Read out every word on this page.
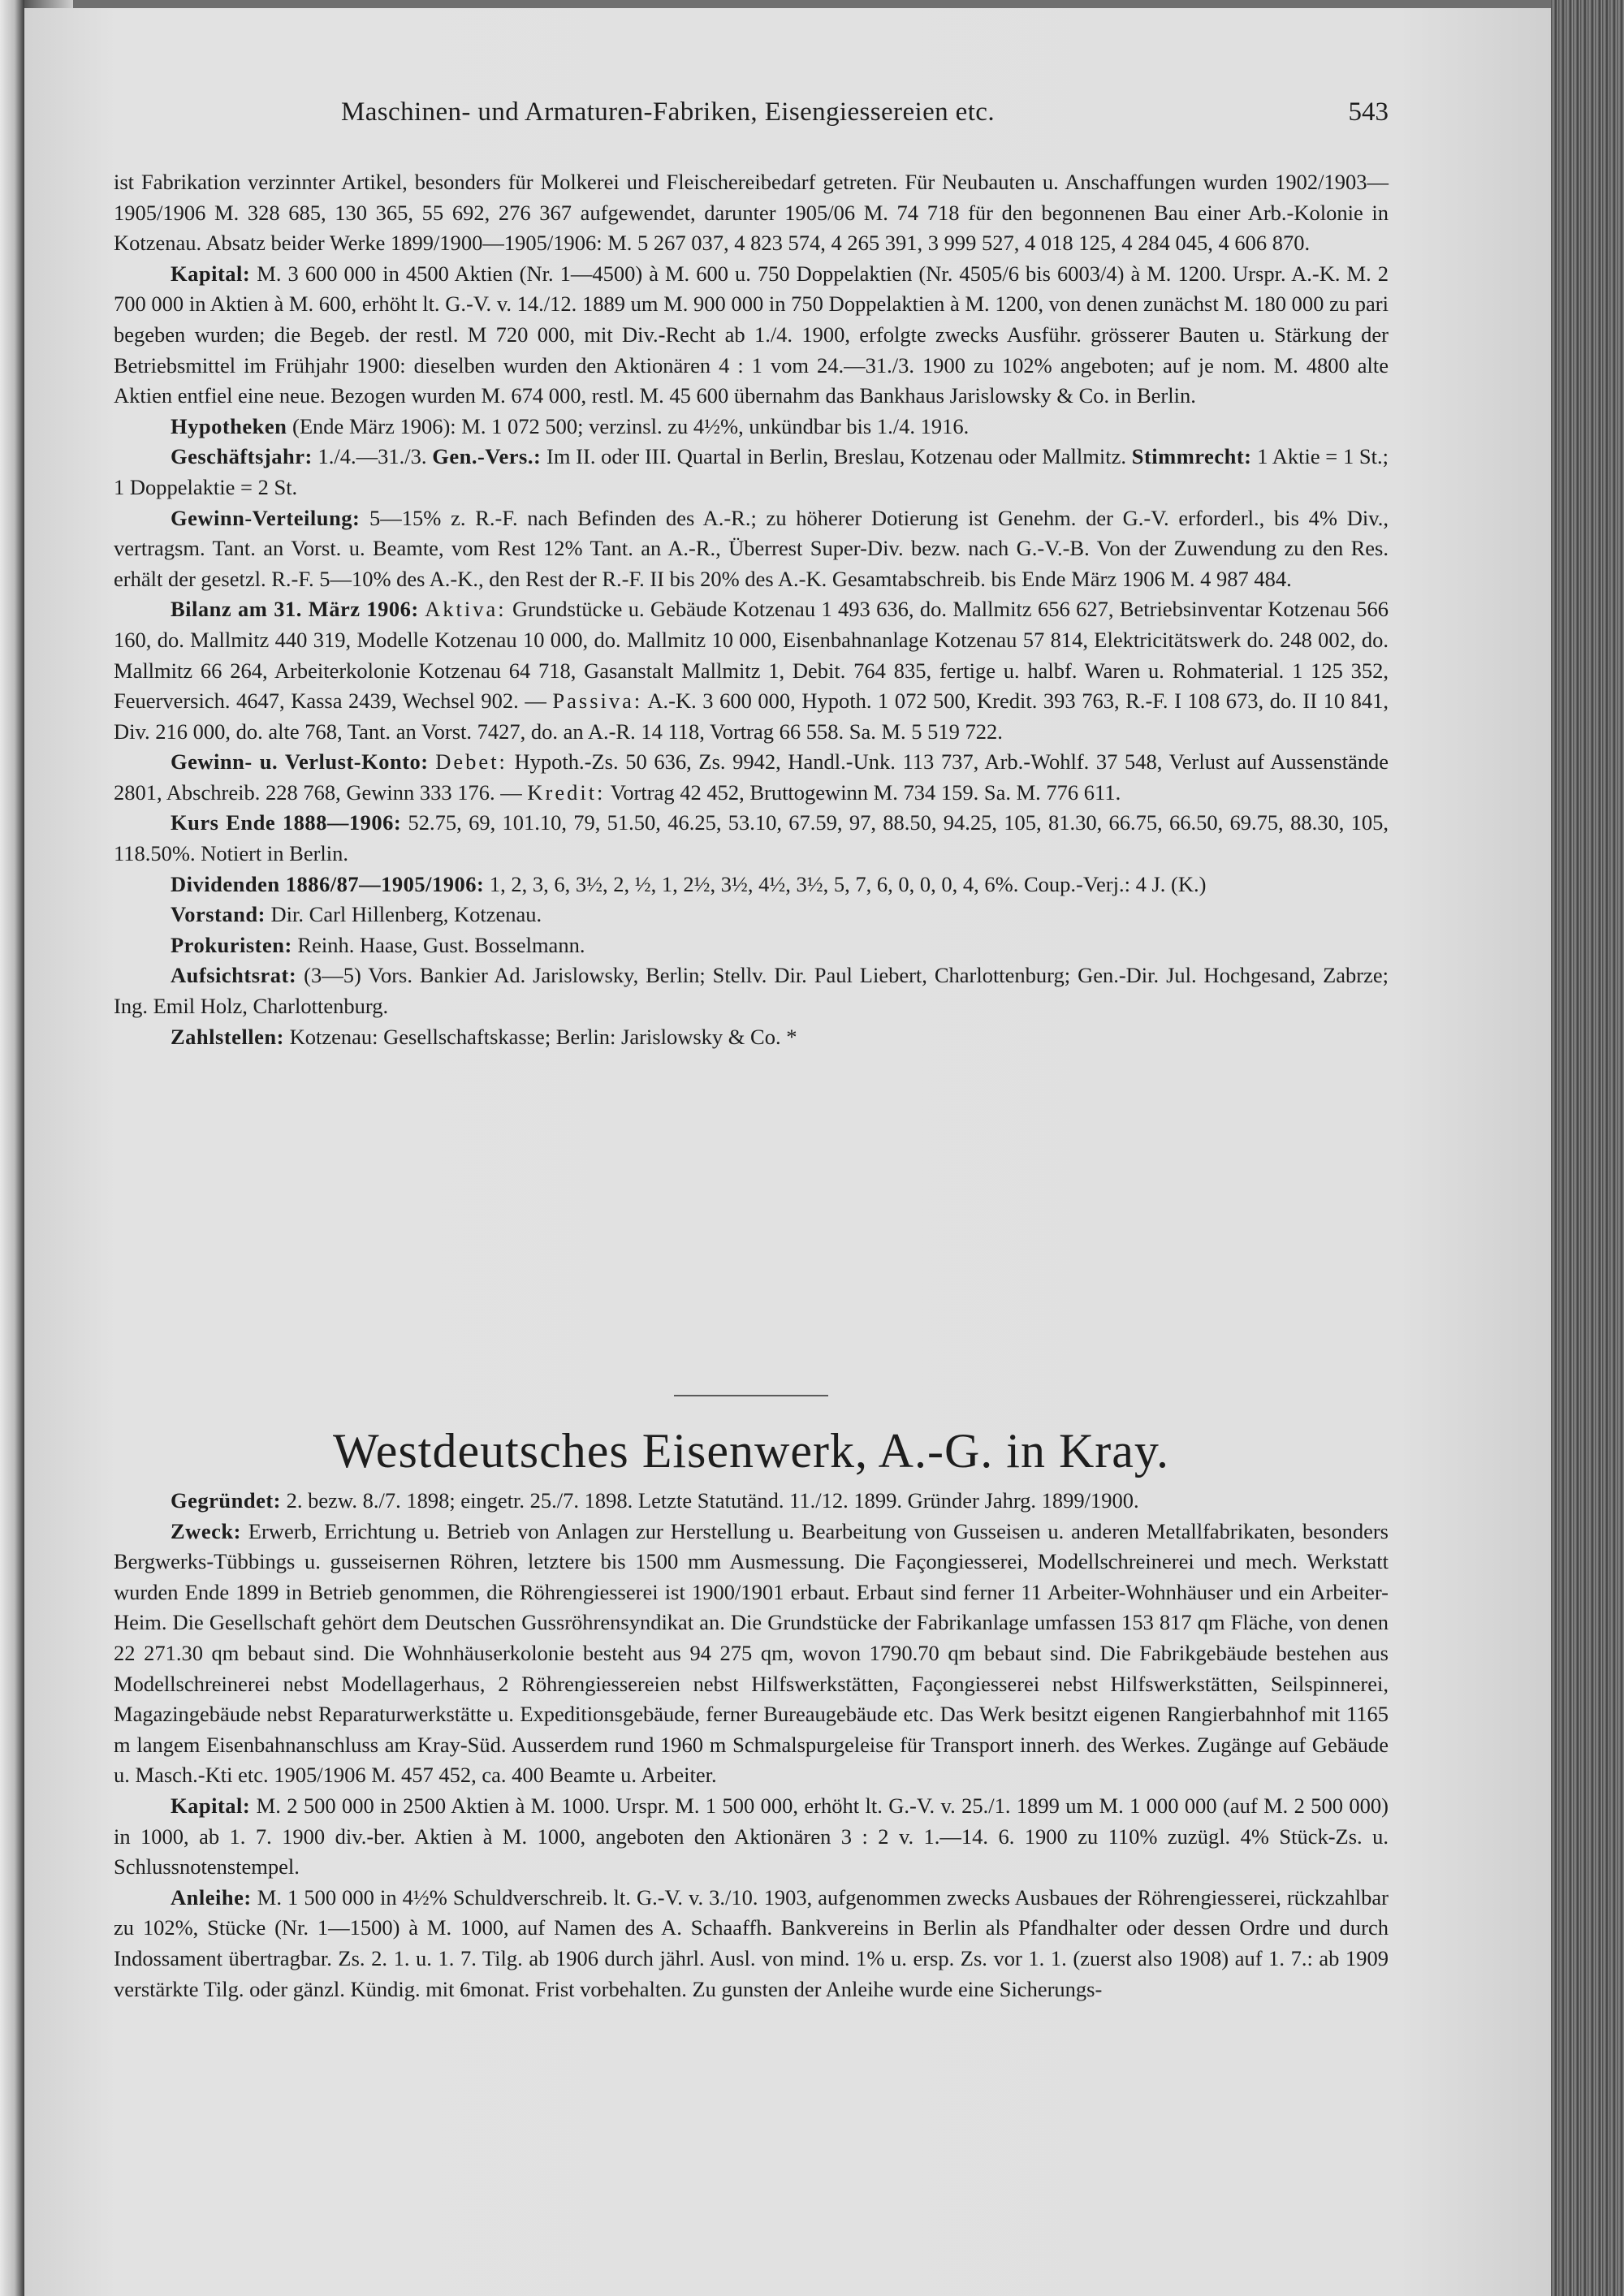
Maschinen- und Armaturen-Fabriken, Eisengiessereien etc.	543

ist Fabrikation verzinnter Artikel, besonders für Molkerei und Fleischereibedarf getreten. Für Neubauten u. Anschaffungen wurden 1902/1903—1905/1906 M. 328 685, 130 365, 55 692, 276 367 aufgewendet, darunter 1905/06 M. 74 718 für den begonnenen Bau einer Arb.-Kolonie in Kotzenau. Absatz beider Werke 1899/1900—1905/1906: M. 5 267 037, 4 823 574, 4 265 391, 3 999 527, 4 018 125, 4 284 045, 4 606 870.

Kapital: M. 3 600 000 in 4500 Aktien (Nr. 1—4500) à M. 600 u. 750 Doppelaktien (Nr. 4505/6 bis 6003/4) à M. 1200. Urspr. A.-K. M. 2 700 000 in Aktien à M. 600, erhöht lt. G.-V. v. 14./12. 1889 um M. 900 000 in 750 Doppelaktien à M. 1200, von denen zunächst M. 180 000 zu pari begeben wurden; die Begeb. der restl. M 720 000, mit Div.-Recht ab 1./4. 1900, erfolgte zwecks Ausführ. grösserer Bauten u. Stärkung der Betriebsmittel im Frühjahr 1900: dieselben wurden den Aktionären 4 : 1 vom 24.—31./3. 1900 zu 102% angeboten; auf je nom. M. 4800 alte Aktien entfiel eine neue. Bezogen wurden M. 674 000, restl. M. 45 600 übernahm das Bankhaus Jarislowsky & Co. in Berlin.

Hypotheken (Ende März 1906): M. 1 072 500; verzinsl. zu 4½%, unkündbar bis 1./4. 1916.

Geschäftsjahr: 1./4.—31./3. Gen.-Vers.: Im II. oder III. Quartal in Berlin, Breslau, Kotzenau oder Mallmitz. Stimmrecht: 1 Aktie = 1 St.; 1 Doppelaktie = 2 St.

Gewinn-Verteilung: 5—15% z. R.-F. nach Befinden des A.-R.; zu höherer Dotierung ist Genehm. der G.-V. erforderl., bis 4% Div., vertragsm. Tant. an Vorst. u. Beamte, vom Rest 12% Tant. an A.-R., Überrest Super-Div. bezw. nach G.-V.-B. Von der Zuwendung zu den Res. erhält der gesetzl. R.-F. 5—10% des A.-K., den Rest der R.-F. II bis 20% des A.-K. Gesamtabschreib. bis Ende März 1906 M. 4 987 484.

Bilanz am 31. März 1906: Aktiva: Grundstücke u. Gebäude Kotzenau 1 493 636, do. Mallmitz 656 627, Betriebsinventar Kotzenau 566 160, do. Mallmitz 440 319, Modelle Kotzenau 10 000, do. Mallmitz 10 000, Eisenbahnanlage Kotzenau 57 814, Elektricitätswerk do. 248 002, do. Mallmitz 66 264, Arbeiterkolonie Kotzenau 64 718, Gasanstalt Mallmitz 1, Debit. 764 835, fertige u. halbf. Waren u. Rohmaterial. 1 125 352, Feuerversich. 4647, Kassa 2439, Wechsel 902. — Passiva: A.-K. 3 600 000, Hypoth. 1 072 500, Kredit. 393 763, R.-F. I 108 673, do. II 10 841, Div. 216 000, do. alte 768, Tant. an Vorst. 7427, do. an A.-R. 14 118, Vortrag 66 558. Sa. M. 5 519 722.

Gewinn- u. Verlust-Konto: Debet: Hypoth.-Zs. 50 636, Zs. 9942, Handl.-Unk. 113 737, Arb.-Wohlf. 37 548, Verlust auf Aussenstände 2801, Abschreib. 228 768, Gewinn 333 176. — Kredit: Vortrag 42 452, Bruttogewinn M. 734 159. Sa. M. 776 611.

Kurs Ende 1888—1906: 52.75, 69, 101.10, 79, 51.50, 46.25, 53.10, 67.59, 97, 88.50, 94.25, 105, 81.30, 66.75, 66.50, 69.75, 88.30, 105, 118.50%. Notiert in Berlin.

Dividenden 1886/87—1905/1906: 1, 2, 3, 6, 3½, 2, ½, 1, 2½, 3½, 4½, 3½, 5, 7, 6, 0, 0, 0, 4, 6%. Coup.-Verj.: 4 J. (K.)

Vorstand: Dir. Carl Hillenberg, Kotzenau.

Prokuristen: Reinh. Haase, Gust. Bosselmann.

Aufsichtsrat: (3—5) Vors. Bankier Ad. Jarislowsky, Berlin; Stellv. Dir. Paul Liebert, Charlottenburg; Gen.-Dir. Jul. Hochgesand, Zabrze; Ing. Emil Holz, Charlottenburg.

Zahlstellen: Kotzenau: Gesellschaftskasse; Berlin: Jarislowsky & Co. *

Westdeutsches Eisenwerk, A.-G. in Kray.

Gegründet: 2. bezw. 8./7. 1898; eingetr. 25./7. 1898. Letzte Statutänd. 11./12. 1899. Gründer Jahrg. 1899/1900.

Zweck: Erwerb, Errichtung u. Betrieb von Anlagen zur Herstellung u. Bearbeitung von Gusseisen u. anderen Metallfabrikaten, besonders Bergwerks-Tübbings u. gusseisernen Röhren, letztere bis 1500 mm Ausmessung. Die Façongiesserei, Modellschreinerei und mech. Werkstatt wurden Ende 1899 in Betrieb genommen, die Röhrengiesserei ist 1900/1901 erbaut. Erbaut sind ferner 11 Arbeiter-Wohnhäuser und ein Arbeiter-Heim. Die Gesellschaft gehört dem Deutschen Gussröhrensyndikat an. Die Grundstücke der Fabrikanlage umfassen 153 817 qm Fläche, von denen 22 271.30 qm bebaut sind. Die Wohnhäuserkolonie besteht aus 94 275 qm, wovon 1790.70 qm bebaut sind. Die Fabrikgebäude bestehen aus Modellschreinerei nebst Modellagerhaus, 2 Röhrengiessereien nebst Hilfswerkstätten, Façongiesserei nebst Hilfswerkstätten, Seilspinnerei, Magazingebäude nebst Reparaturwerkstätte u. Expeditionsgebäude, ferner Bureaugebäude etc. Das Werk besitzt eigenen Rangierbahnhof mit 1165 m langem Eisenbahnanschluss am Kray-Süd. Ausserdem rund 1960 m Schmalspurgeleise für Transport innerh. des Werkes. Zugänge auf Gebäude u. Masch.-Kti etc. 1905/1906 M. 457 452, ca. 400 Beamte u. Arbeiter.

Kapital: M. 2 500 000 in 2500 Aktien à M. 1000. Urspr. M. 1 500 000, erhöht lt. G.-V. v. 25./1. 1899 um M. 1 000 000 (auf M. 2 500 000) in 1000, ab 1. 7. 1900 div.-ber. Aktien à M. 1000, angeboten den Aktionären 3 : 2 v. 1.—14. 6. 1900 zu 110% zuzügl. 4% Stück-Zs. u. Schlussnotenstempel.

Anleihe: M. 1 500 000 in 4½% Schuldverschreib. lt. G.-V. v. 3./10. 1903, aufgenommen zwecks Ausbaues der Röhrengiesserei, rückzahlbar zu 102%, Stücke (Nr. 1—1500) à M. 1000, auf Namen des A. Schaaffh. Bankvereins in Berlin als Pfandhalter oder dessen Ordre und durch Indossament übertragbar. Zs. 2. 1. u. 1. 7. Tilg. ab 1906 durch jährl. Ausl. von mind. 1% u. ersp. Zs. vor 1. 1. (zuerst also 1908) auf 1. 7.: ab 1909 verstärkte Tilg. oder gänzl. Kündig. mit 6monat. Frist vorbehalten. Zu gunsten der Anleihe wurde eine Sicherungs-
